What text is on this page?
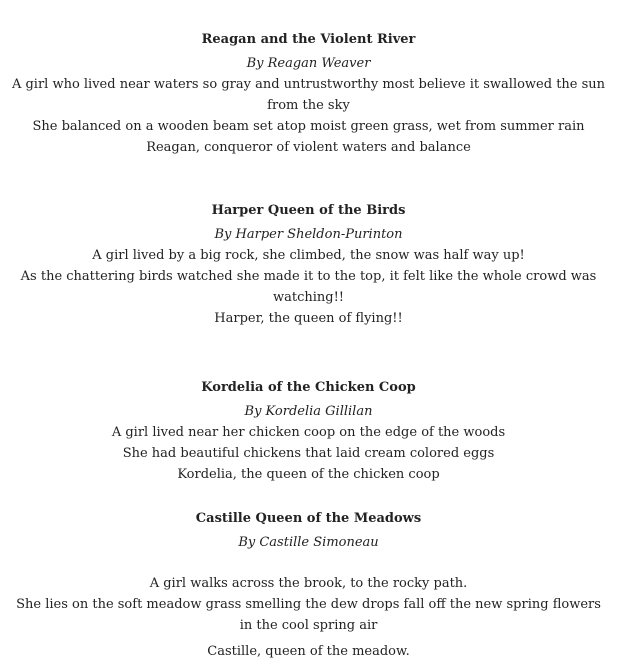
Reagan and the Violent River

By Reagan Weaver

A girl who lived near waters so gray and untrustworthy most believe it swallowed the sun from the sky

She balanced on a wooden beam set atop moist green grass, wet from summer rain

Reagan, conqueror of violent waters and balance

Harper Queen of the Birds

By Harper Sheldon-Purinton

A girl lived by a big rock, she climbed, the snow was half way up!

As the chattering birds watched she made it to the top, it felt like the whole crowd was watching!!

Harper, the queen of flying!!

Kordelia of the Chicken Coop

By Kordelia Gillilan

A girl lived near her chicken coop on the edge of the woods

She had beautiful chickens that laid cream colored eggs

Kordelia, the queen of the chicken coop

Castille Queen of the Meadows

By Castille Simoneau

A girl walks across the brook, to the rocky path.

She lies on the soft meadow grass smelling the dew drops fall off the new spring flowers in the cool spring air

Castille, queen of the meadow.
